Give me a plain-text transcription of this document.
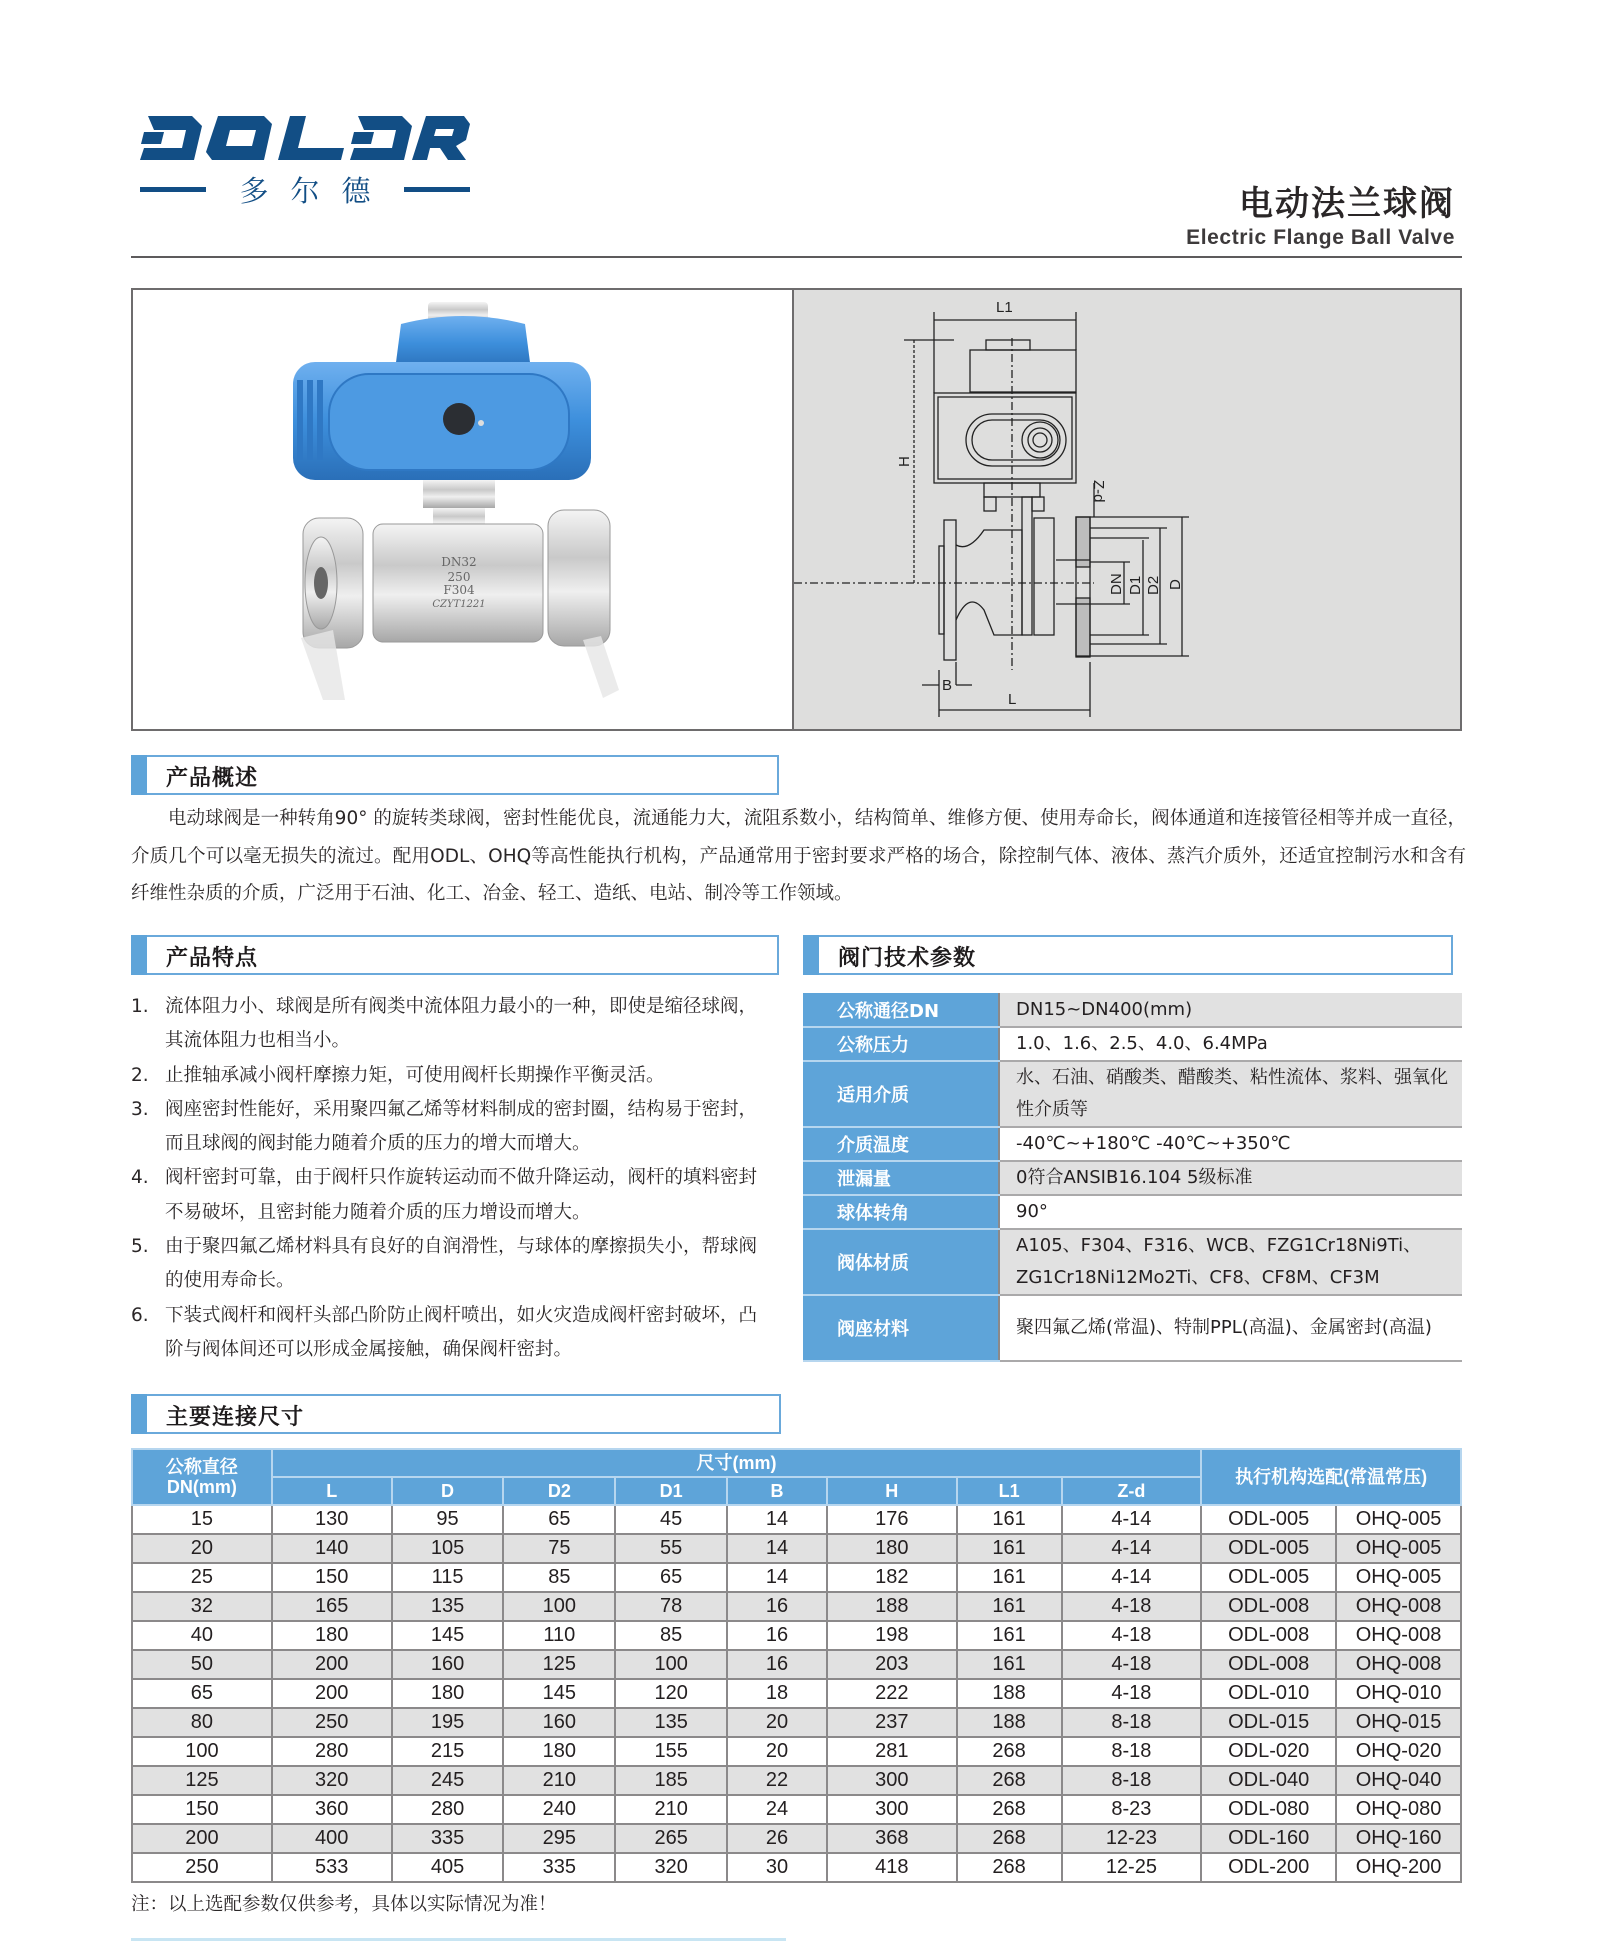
多尔德	电动法兰球阀
Electric Flange Ball Valve
DN32
250
F304
CZYT1221
L1
H
Z-d
DN D1 D2 D
B
L
产品概述

电动球阀是一种转角90° 的旋转类球阀，密封性能优良，流通能力大，流阻系数小，结构简单、维修方便、使用寿命长，阀体通道和连接管径相等并成一直径，介质几个可以毫无损失的流过。配用ODL、OHQ等高性能执行机构，产品通常用于密封要求严格的场合，除控制气体、液体、蒸汽介质外，还适宜控制污水和含有纤维性杂质的介质，广泛用于石油、化工、冶金、轻工、造纸、电站、制冷等工作领域。

产品特点
1. 流体阻力小、球阀是所有阀类中流体阻力最小的一种，即使是缩径球阀，其流体阻力也相当小。
2. 止推轴承减小阀杆摩擦力矩，可使用阀杆长期操作平衡灵活。
3. 阀座密封性能好，采用聚四氟乙烯等材料制成的密封圈，结构易于密封，而且球阀的阀封能力随着介质的压力的增大而增大。
4. 阀杆密封可靠，由于阀杆只作旋转运动而不做升降运动，阀杆的填料密封不易破坏，且密封能力随着介质的压力增设而增大。
5. 由于聚四氟乙烯材料具有良好的自润滑性，与球体的摩擦损失小，帮球阀的使用寿命长。
6. 下装式阀杆和阀杆头部凸阶防止阀杆喷出，如火灾造成阀杆密封破坏，凸阶与阀体间还可以形成金属接触，确保阀杆密封。
阀门技术参数
公称通径DN	DN15~DN400(mm)
公称压力	1.0、1.6、2.5、4.0、6.4MPa
适用介质	水、石油、硝酸类、醋酸类、粘性流体、浆料、强氧化性介质等
介质温度	-40℃~+180℃ -40℃~+350℃
泄漏量	0符合ANSIB16.104 5级标准
球体转角	90°
阀体材质	A105、F304、F316、WCB、FZG1Cr18Ni9Ti、ZG1Cr18Ni12Mo2Ti、CF8、CF8M、CF3M
阀座材料	聚四氟乙烯(常温)、特制PPL(高温)、金属密封(高温)
主要连接尺寸
公称直径DN(mm)	尺寸(mm)								执行机构选配(常温常压)	
	L	D	D2	D1	B	H	L1	Z-d		
15	130	95	65	45	14	176	161	4-14	ODL-005	OHQ-005
20	140	105	75	55	14	180	161	4-14	ODL-005	OHQ-005
25	150	115	85	65	14	182	161	4-14	ODL-005	OHQ-005
32	165	135	100	78	16	188	161	4-18	ODL-008	OHQ-008
40	180	145	110	85	16	198	161	4-18	ODL-008	OHQ-008
50	200	160	125	100	16	203	161	4-18	ODL-008	OHQ-008
65	200	180	145	120	18	222	188	4-18	ODL-010	OHQ-010
80	250	195	160	135	20	237	188	8-18	ODL-015	OHQ-015
100	280	215	180	155	20	281	268	8-18	ODL-020	OHQ-020
125	320	245	210	185	22	300	268	8-18	ODL-040	OHQ-040
150	360	280	240	210	24	300	268	8-23	ODL-080	OHQ-080
200	400	335	295	265	26	368	268	12-23	ODL-160	OHQ-160
250	533	405	335	320	30	418	268	12-25	ODL-200	OHQ-200
注：以上选配参数仅供参考，具体以实际情况为准！
